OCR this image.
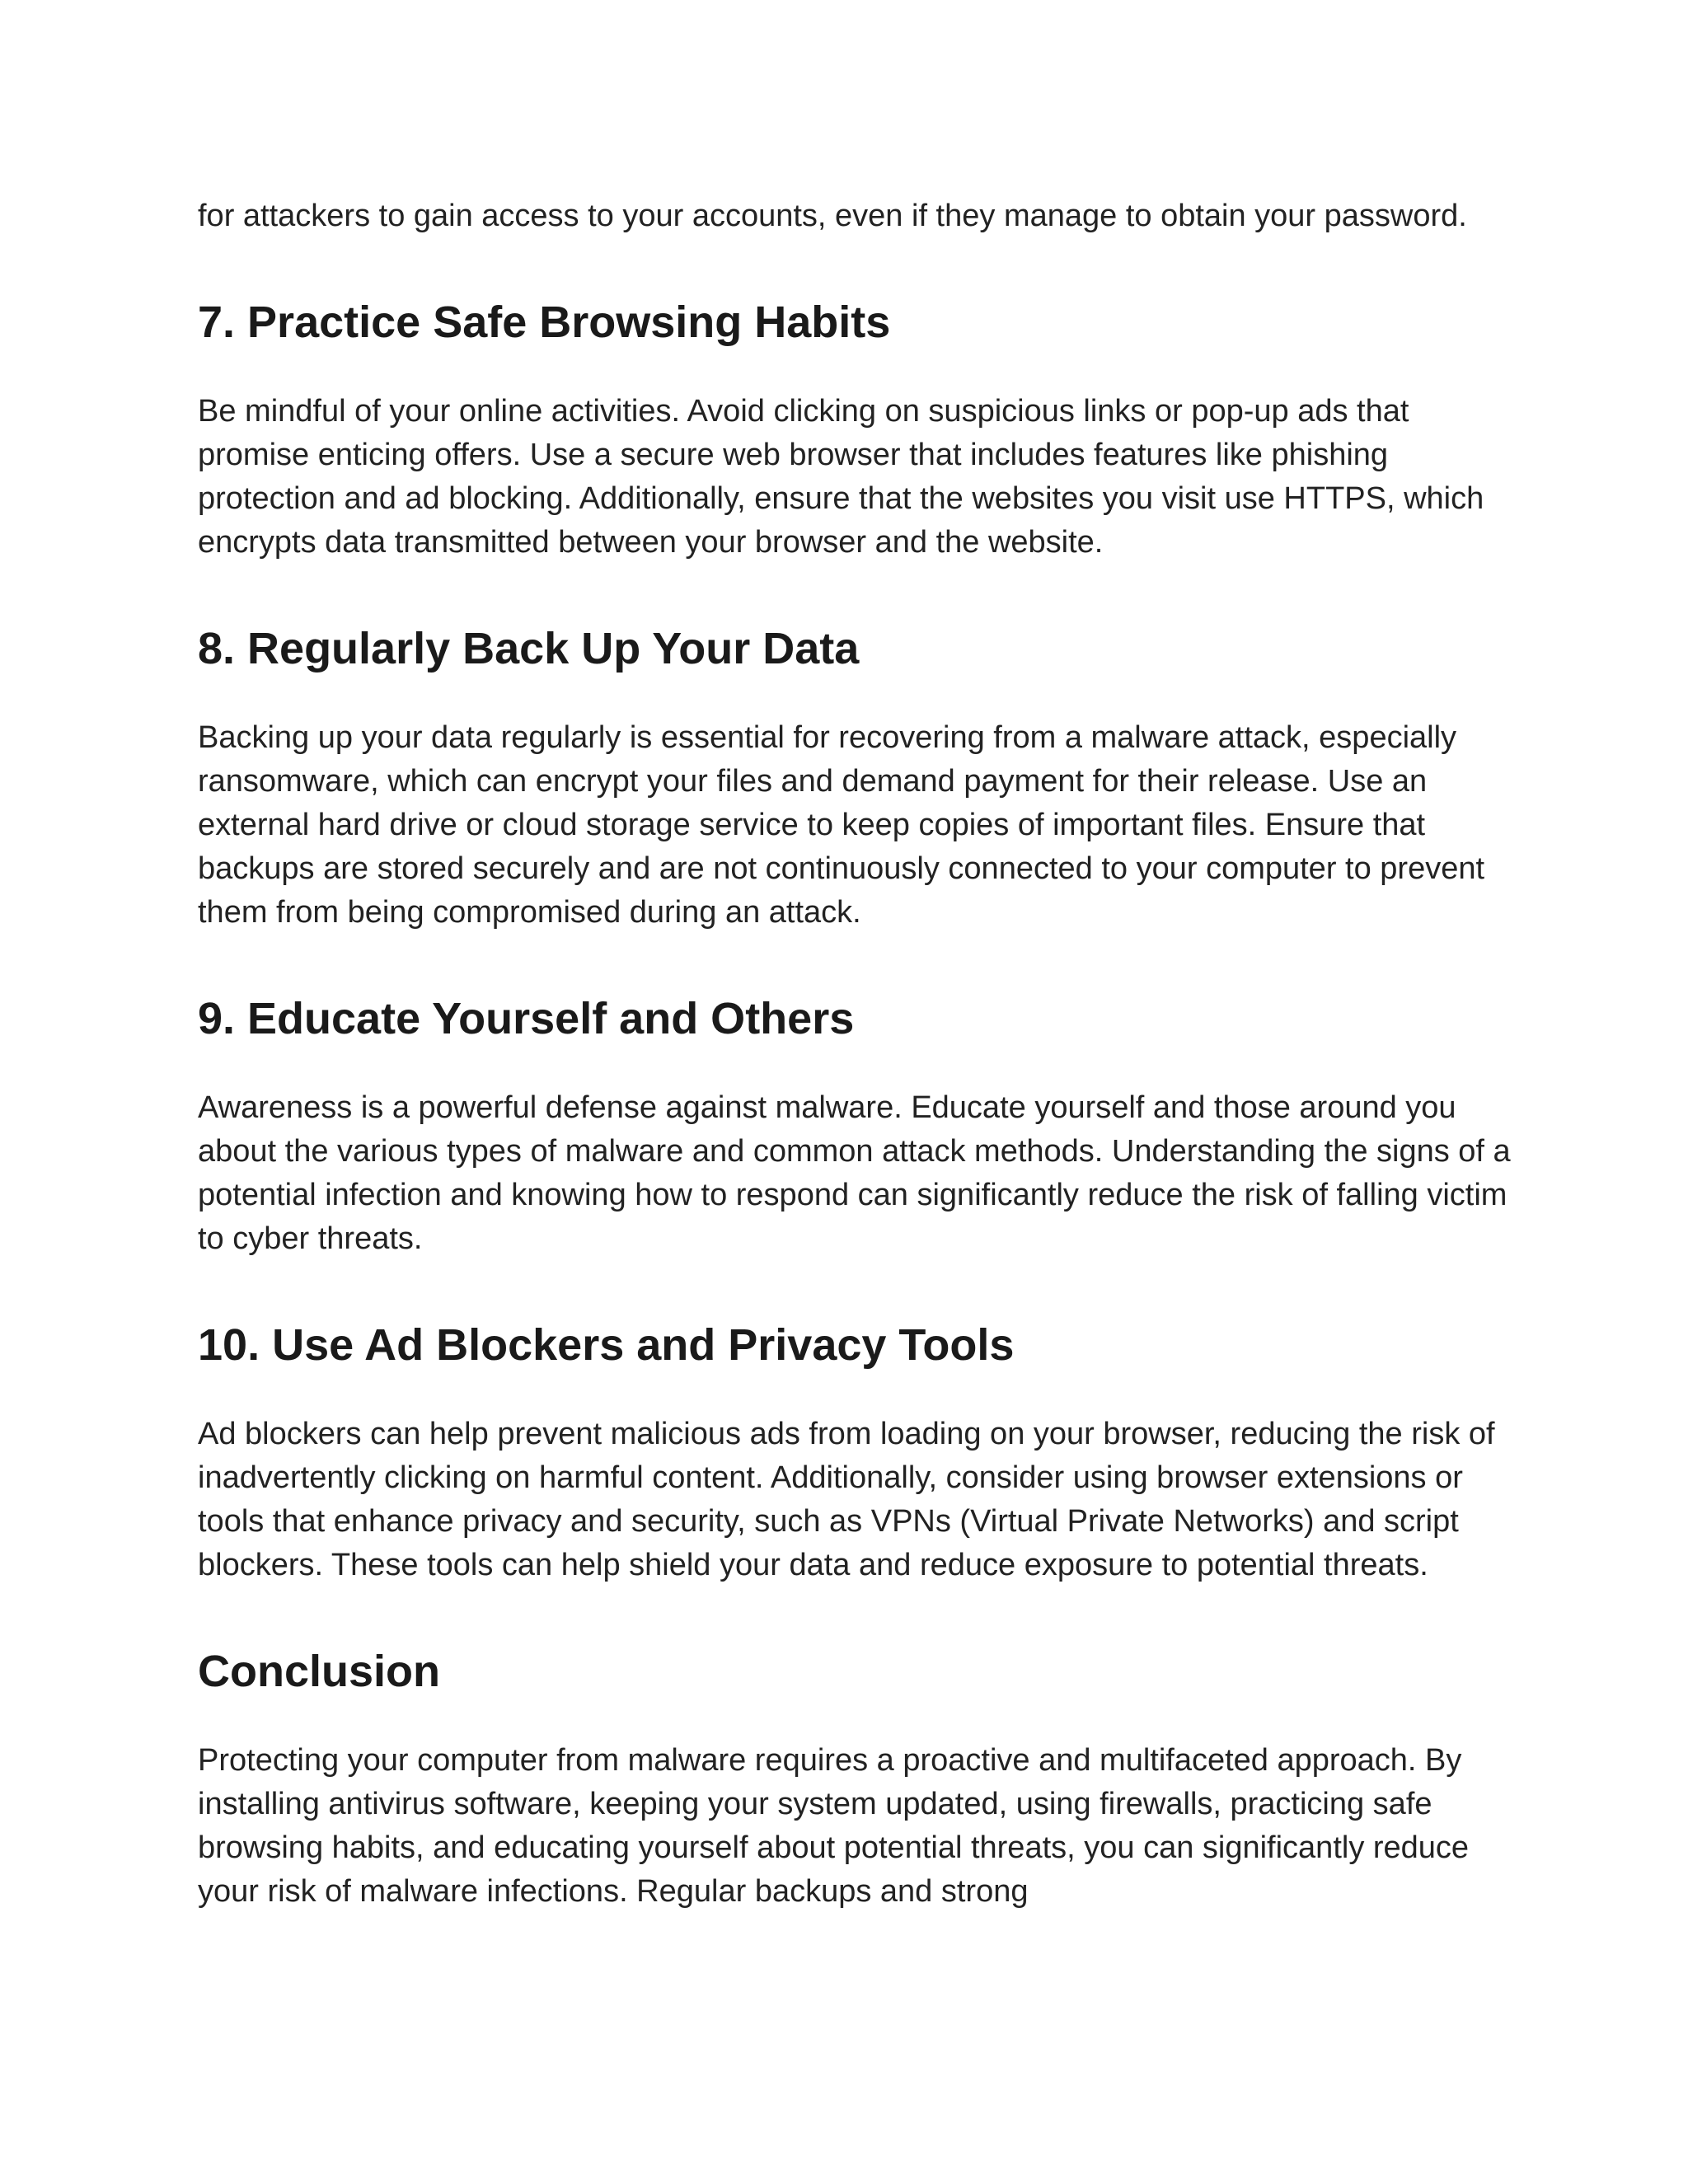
for attackers to gain access to your accounts, even if they manage to obtain your password.

7. Practice Safe Browsing Habits

Be mindful of your online activities. Avoid clicking on suspicious links or pop-up ads that promise enticing offers. Use a secure web browser that includes features like phishing protection and ad blocking. Additionally, ensure that the websites you visit use HTTPS, which encrypts data transmitted between your browser and the website.

8. Regularly Back Up Your Data

Backing up your data regularly is essential for recovering from a malware attack, especially ransomware, which can encrypt your files and demand payment for their release. Use an external hard drive or cloud storage service to keep copies of important files. Ensure that backups are stored securely and are not continuously connected to your computer to prevent them from being compromised during an attack.

9. Educate Yourself and Others

Awareness is a powerful defense against malware. Educate yourself and those around you about the various types of malware and common attack methods. Understanding the signs of a potential infection and knowing how to respond can significantly reduce the risk of falling victim to cyber threats.

10. Use Ad Blockers and Privacy Tools

Ad blockers can help prevent malicious ads from loading on your browser, reducing the risk of inadvertently clicking on harmful content. Additionally, consider using browser extensions or tools that enhance privacy and security, such as VPNs (Virtual Private Networks) and script blockers. These tools can help shield your data and reduce exposure to potential threats.

Conclusion

Protecting your computer from malware requires a proactive and multifaceted approach. By installing antivirus software, keeping your system updated, using firewalls, practicing safe browsing habits, and educating yourself about potential threats, you can significantly reduce your risk of malware infections. Regular backups and strong
